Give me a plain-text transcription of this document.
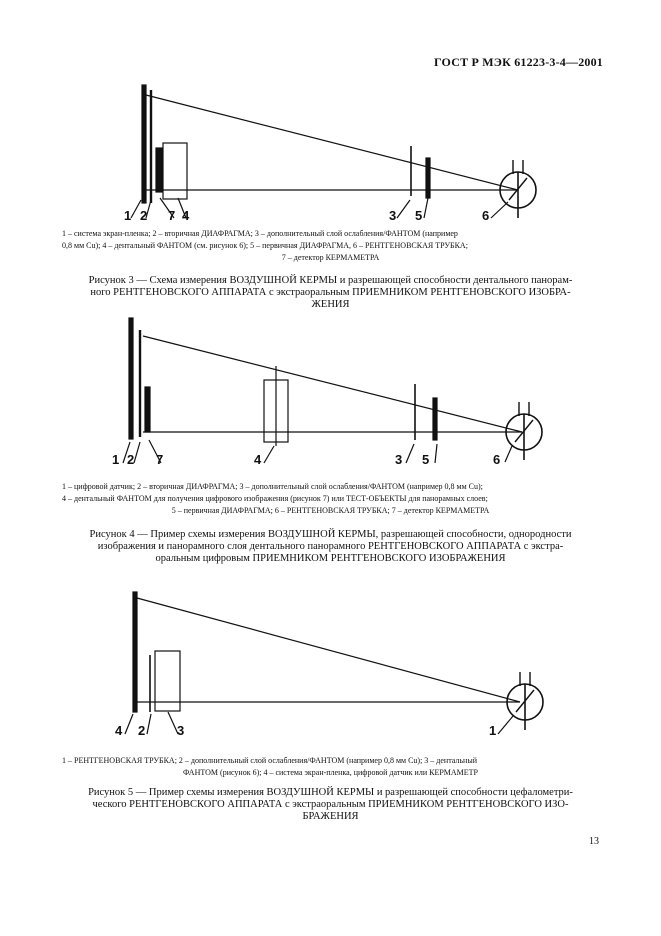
ГОСТ Р МЭК 61223-3-4—2001
1 2 7 4	3 5	6
1 – система экран-пленка; 2 – вторичная ДИАФРАГМА; 3 – дополнительный слой ослабления/ФАНТОМ (например
0,8 мм Cu); 4 – дентальный ФАНТОМ (см. рисунок 6); 5 – первичная ДИАФРАГМА, 6 – РЕНТГЕНОВСКАЯ ТРУБКА;
7 – детектор КЕРМАМЕТРА
Рисунок 3 — Схема измерения ВОЗДУШНОЙ КЕРМЫ и разрешающей способности дентального панорам-
ного РЕНТГЕНОВСКОГО АППАРАТА с экстраоральным ПРИЕМНИКОМ РЕНТГЕНОВСКОГО ИЗОБРА-
ЖЕНИЯ
1 2 7	4	3 5	6
1 – цифровой датчик; 2 – вторичная ДИАФРАГМА; 3 – дополнительный слой ослабления/ФАНТОМ (например 0,8 мм Cu);
4 – дентальный ФАНТОМ для получения цифрового изображения (рисунок 7) или ТЕСТ-ОБЪЕКТЫ для панорамных слоев;
5 – первичная ДИАФРАГМА; 6 – РЕНТГЕНОВСКАЯ ТРУБКА; 7 – детектор КЕРМАМЕТРА
Рисунок 4 — Пример схемы измерения ВОЗДУШНОЙ КЕРМЫ, разрешающей способности, однородности
изображения и панорамного слоя дентального панорамного РЕНТГЕНОВСКОГО АППАРАТА с экстра-
оральным цифровым ПРИЕМНИКОМ РЕНТГЕНОВСКОГО ИЗОБРАЖЕНИЯ
4 2 3	1
1 – РЕНТГЕНОВСКАЯ ТРУБКА; 2 – дополнительный слой ослабления/ФАНТОМ (например 0,8 мм Cu); 3 – дентальный
ФАНТОМ (рисунок 6); 4 – система экран-пленка, цифровой датчик или КЕРМАМЕТР
Рисунок 5 — Пример схемы измерения ВОЗДУШНОЙ КЕРМЫ и разрешающей способности цефалометри-
ческого РЕНТГЕНОВСКОГО АППАРАТА с экстраоральным ПРИЕМНИКОМ РЕНТГЕНОВСКОГО ИЗО-
БРАЖЕНИЯ
13
